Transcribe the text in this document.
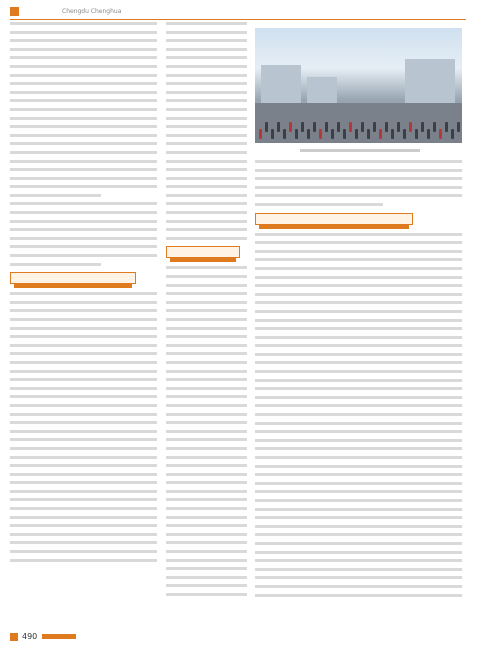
Chengdu Chenghua
490
